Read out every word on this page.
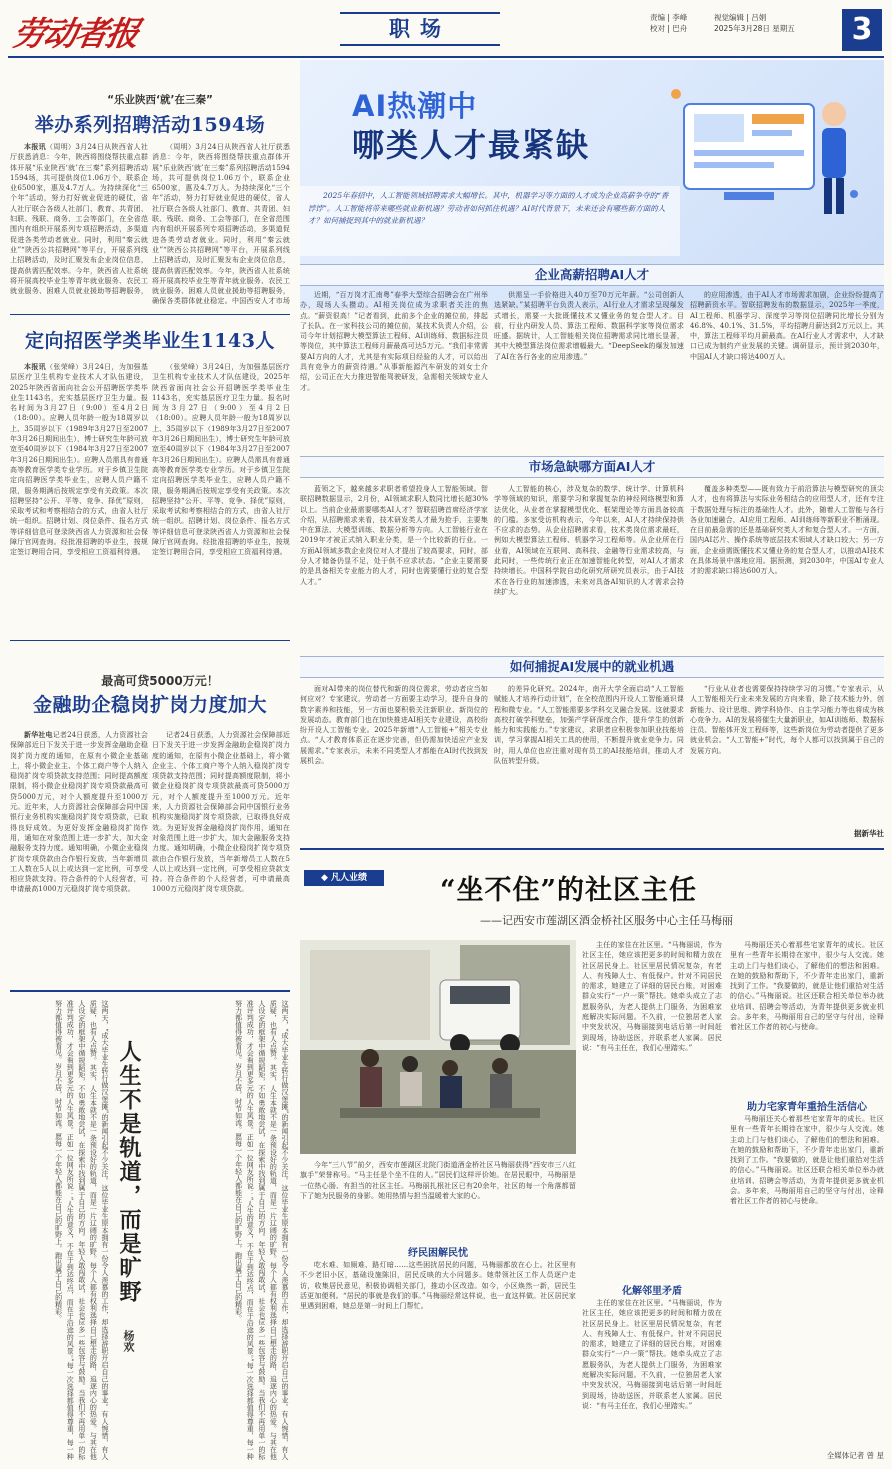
劳动者报	职场	责编 | 李峰
校对 | 巴舟
视觉编辑 | 吕娟
2025年3月28日 星期五	3
“乐业陕西‘就’在三秦”
举办系列招聘活动1594场
本报讯（周明）3月24日从陕西省人社厅获悉消息：今年，陕西将围绕帮扶重点群体开展“乐业陕西‘就’在三秦”系列招聘活动1594场，共可提供岗位1.06万个，联系企业6500家，惠及4.7万人。为持续深化“三个年”活动，努力打好就业促进的硬仗，省人社厅联合各级人社部门、教育、共青团、妇联、残联、商务、工会等部门，在全省范围内有组织开展系列专项招聘活动，多渠道促进各类劳动者就业。同时，利用“秦云就业”“陕西公共招聘网”等平台，开展系列线上招聘活动，及时汇聚发布企业岗位信息，提高供需匹配效率。今年，陕西省人社系统将开展高校毕业生等青年就业服务、农民工就业服务、困难人员就业援助等招聘服务，
（周明）3月24日从陕西省人社厅获悉消息：今年，陕西将围绕帮扶重点群体开展“乐业陕西‘就’在三秦”系列招聘活动1594场，共可提供岗位1.06万个，联系企业6500家，惠及4.7万人。为持续深化“三个年”活动，努力打好就业促进的硬仗，省人社厅联合各级人社部门、教育、共青团、妇联、残联、商务、工会等部门，在全省范围内有组织开展系列专项招聘活动，多渠道促进各类劳动者就业。同时，利用“秦云就业”“陕西公共招聘网”等平台，开展系列线上招聘活动，及时汇聚发布企业岗位信息，提高供需匹配效率。今年，陕西省人社系统将开展高校毕业生等青年就业服务、农民工就业服务、困难人员就业援助等招聘服务，确保各类群体就业稳定。中国西安人才市场
定向招医学类毕业生1143人
本报讯（张荣峰）3月24日，为加强基层医疗卫生机构专业技术人才队伍建设，2025年陕西省面向社会公开招聘医学类毕业生1143名，充实基层医疗卫生力量。报名时间为3月27日（9:00）至4月2日（18:00）。应聘人员年龄一般为18周岁以上、35周岁以下（1989年3月27日至2007年3月26日期间出生），博士研究生年龄可放宽至40周岁以下（1984年3月27日至2007年3月26日期间出生）。应聘人员需具有普通高等教育医学类专业学历。对于乡镇卫生院定向招聘医学类毕业生，应聘人员户籍不限，服务期满后按规定享受有关政策。本次招聘坚持“公开、平等、竞争、择优”原则，采取考试和考察相结合的方式，由省人社厅统一组织。招聘计划、岗位条件、报名方式等详细信息可登录陕西省人力资源和社会保障厅官网查询。经批准招聘的毕业生，按规定签订聘用合同，享受相应工资福利待遇。
（张荣峰）3月24日，为加强基层医疗卫生机构专业技术人才队伍建设，2025年陕西省面向社会公开招聘医学类毕业生1143名，充实基层医疗卫生力量。报名时间为3月27日（9:00）至4月2日（18:00）。应聘人员年龄一般为18周岁以上、35周岁以下（1989年3月27日至2007年3月26日期间出生），博士研究生年龄可放宽至40周岁以下（1984年3月27日至2007年3月26日期间出生）。应聘人员需具有普通高等教育医学类专业学历。对于乡镇卫生院定向招聘医学类毕业生，应聘人员户籍不限，服务期满后按规定享受有关政策。本次招聘坚持“公开、平等、竞争、择优”原则，采取考试和考察相结合的方式，由省人社厅统一组织。招聘计划、岗位条件、报名方式等详细信息可登录陕西省人力资源和社会保障厅官网查询。经批准招聘的毕业生，按规定签订聘用合同，享受相应工资福利待遇。
最高可贷5000万元！
金融助企稳岗扩岗力度加大
新华社电记者24日获悉，人力资源社会保障部近日下发关于进一步发挥金融助企稳岗扩岗力度的通知，在原有小微企业基础上，将小微企业主、个体工商户等个人纳入稳岗扩岗专项贷款支持范围；同时提高额度限制，将小微企业稳岗扩岗专项贷款最高可贷5000万元，对个人额度提升至1000万元。近年来，人力资源社会保障部会同中国银行业务机构实施稳岗扩岗专项贷款，已取得良好成效。为更好发挥金融稳岗扩岗作用，通知在对象范围上进一步扩大，加大金融服务支持力度。通知明确，小微企业稳岗扩岗专项贷款由合作银行发放，当年新增员工人数在5人以上或达到一定比例，可享受相应贷款支持。符合条件的个人经营者，可申请最高1000万元稳岗扩岗专项贷款。
记者24日获悉，人力资源社会保障部近日下发关于进一步发挥金融助企稳岗扩岗力度的通知，在原有小微企业基础上，将小微企业主、个体工商户等个人纳入稳岗扩岗专项贷款支持范围；同时提高额度限制，将小微企业稳岗扩岗专项贷款最高可贷5000万元，对个人额度提升至1000万元。近年来，人力资源社会保障部会同中国银行业务机构实施稳岗扩岗专项贷款，已取得良好成效。为更好发挥金融稳岗扩岗作用，通知在对象范围上进一步扩大，加大金融服务支持力度。通知明确，小微企业稳岗扩岗专项贷款由合作银行发放，当年新增员工人数在5人以上或达到一定比例，可享受相应贷款支持。符合条件的个人经营者，可申请最高1000万元稳岗扩岗专项贷款。
这两天，“成大毕业生转行做汉堡摊”的新闻引起不少关注。这位毕业生原本拥有一份令人羡慕的工作，却选择辞职开启自己的事业。有人惋惜，有人质疑，也有人点赞。其实，人生本就不是一条预设好的轨道，而是一片辽阔的旷野。每个人都有权利选择自己想走的路，追逐内心的热爱。与其在他人设定的框架中循规蹈矩，不如勇敢地尝试，在探索中找到属于自己的方向。年轻人敢闯敢试，社会也应多一些包容与鼓励。当我们不再用单一的标准评判成功，才会看到更多元的人生风景。正如一位网友所说：“人生的意义，不在于到达终点，而在于沿途的风景。”每一次选择都值得尊重，每一种努力都值得被看见。岁月不居，时节如流。愿每一个年轻人都能在自己的旷野上，跑出属于自己的精彩。
人生不是轨道，而是旷野
杨欢
这两天，“成大毕业生转行做汉堡摊”的新闻引起不少关注。这位毕业生原本拥有一份令人羡慕的工作，却选择辞职开启自己的事业。有人惋惜，有人质疑，也有人点赞。其实，人生本就不是一条预设好的轨道，而是一片辽阔的旷野。每个人都有权利选择自己想走的路，追逐内心的热爱。与其在他人设定的框架中循规蹈矩，不如勇敢地尝试，在探索中找到属于自己的方向。年轻人敢闯敢试，社会也应多一些包容与鼓励。当我们不再用单一的标准评判成功，才会看到更多元的人生风景。正如一位网友所说：“人生的意义，不在于到达终点，而在于沿途的风景。”每一次选择都值得尊重，每一种努力都值得被看见。岁月不居，时节如流。愿每一个年轻人都能在自己的旷野上，跑出属于自己的精彩。
AI热潮中
哪类人才最紧缺
2025年春招中，人工智能领域招聘需求大幅增长。其中，机器学习等方面的人才成为企业高薪争夺的“香饽饽”。人工智能将带来哪些就业新机遇？劳动者如何抓住机遇？AI时代背景下，未来还会有哪些新方面的人才？如何捕捉到其中的就业新机遇？
企业高薪招聘AI人才
近期，“百万岗才汇南粤”春季大型综合招聘会在广州举办，现场人头攒动。AI相关岗位成为求职者关注的焦点。“薪资很高！”记者看到，此前多个企业的摊位前，排起了长队。在一家科技公司的摊位前，某技术负责人介绍，公司今年计划招聘大模型算法工程师、AI训练师、数据标注员等岗位，其中算法工程师月薪最高可达5万元。“我们非常需要AI方向的人才，尤其是有实际项目经验的人才，可以给出具有竞争力的薪资待遇。”从事新能源汽车研发的刘女士介绍，公司正在大力推进智能驾驶研发，急需相关领域专业人才。
供需呈一手价格进入40万至70万元年薪。“公司创新人选紧缺。”某招聘平台负责人表示，AI行业人才需求呈现爆发式增长，需要一大批既懂技术又懂业务的复合型人才。目前，行业内研发人员、算法工程师、数据科学家等岗位需求旺盛。据统计，人工智能相关岗位招聘需求同比增长显著，其中大模型算法岗位需求增幅最大。“DeepSeek的爆发加速了AI在各行各业的应用渗透。”
的应用渗透，由于AI人才市场需求加剧，企业纷纷提高了招聘薪资水平。智联招聘发布的数据显示，2025年一季度，AI工程师、机器学习、深度学习等岗位招聘同比增长分别为46.8%、40.1%、31.5%，平均招聘月薪达到2万元以上。其中，算法工程师平均月薪最高。在AI行业人才需求中，人才缺口已成为制约产业发展的关键。调研显示，预计到2030年，中国AI人才缺口将达400万人。
市场急缺哪方面AI人才
蓝领之下，越来越多求职者希望投身人工智能领域。智联招聘数据显示，2月份，AI领域求职人数同比增长超30%以上。当前企业最需要哪类AI人才？智联招聘首席经济学家介绍，从招聘需求来看，技术研发类人才最为抢手，主要集中在算法、大模型训练、数据分析等方向。人工智能行业在2019年才被正式纳入职业分类，是一个比较新的行业。一方面AI领域多数企业岗位对人才提出了较高要求，同时，部分人才储备仍显不足，处于供不应求状态。“企业主要需要的是具备相关专业能力的人才，同时也需要懂行业的复合型人才。”
人工智能的核心，涉及复杂的数学、统计学、计算机科学等领域的知识，需要学习和掌握复杂的神经网络模型和算法优化，从业者在掌握模型优化、框架理论等方面具备较高的门槛。多家受访机构表示，今年以来，AI人才持续保持供不应求的态势。从企业招聘需求看，技术类岗位需求最旺，例如大模型算法工程师、机器学习工程师等。从企业所在行业看，AI领域在互联网、高科技、金融等行业需求较高，与此同时，一些传统行业正在加速智能化转型，对AI人才需求持续增长。中国科学院自动化研究所研究员表示，由于AI技术在各行业的加速渗透，未来对具备AI知识的人才需求会持续扩大。
覆盖多种类型——既有致力于前沿算法与模型研究的顶尖人才，也有将算法与实际业务相结合的应用型人才，还有专注于数据处理与标注的基础性人才。此外，随着人工智能与各行各业加速融合，AI应用工程师、AI训练师等新职业不断涌现。在目前最急需的还是基础研究类人才和复合型人才。一方面，国内AI芯片、操作系统等底层技术领域人才缺口较大；另一方面，企业亟需既懂技术又懂业务的复合型人才，以推动AI技术在具体场景中落地应用。据预测，到2030年，中国AI专业人才的需求缺口将达600万人。
如何捕捉AI发展中的就业机遇
面对AI带来的岗位替代和新的岗位需求，劳动者应当如何应对？专家建议，劳动者一方面要主动学习，提升自身的数字素养和技能，另一方面也要积极关注新职业、新岗位的发展动态。教育部门也在加快推进AI相关专业建设，高校纷纷开设人工智能专业。2025年新增“人工智能+”相关专业点。“人才教育体系正在逐步完善，但仍需加快适应产业发展需求。”专家表示，未来不同类型人才都能在AI时代找到发展机会。
的差异化研究。2024年，南开大学全面启动“人工智能赋能人才培养行动计划”，在全校范围内开设人工智能通识课程和微专业。“人工智能需要多学科交叉融合发展。这就要求高校打破学科壁垒，加强产学研深度合作，提升学生的创新能力和实践能力。”专家建议，求职者应积极参加职业技能培训，学习掌握AI相关工具的使用，不断提升就业竞争力。同时，用人单位也应注重对现有员工的AI技能培训，推动人才队伍转型升级。
“行业从业者也需要保持持续学习的习惯。”专家表示，从人工智能相关行业未来发展的方向来看，除了技术能力外，创新能力、设计思维、跨学科协作、自主学习能力等也将成为核心竞争力。AI的发展将催生大量新职业，如AI训练师、数据标注员、智能体开发工程师等，这些新岗位为劳动者提供了更多就业机会。“人工智能+”时代，每个人都可以找到属于自己的发展方向。
据新华社
◆ 凡人业绩	“坐不住”的社区主任
——记西安市莲湖区酒金桥社区服务中心主任马梅丽
今年“三八节”前夕，西安市莲湖区北院门街道酒金桥社区马梅丽获得“西安市三八红旗手”荣誉称号。“马主任是个坐不住的人。”居民们这样评价她。在居民眼中，马梅丽是一位热心肠、有担当的社区主任。马梅丽扎根社区已有20余年，社区的每一个角落都留下了她为民服务的身影。她用热情与担当温暖着大家的心。
纾民困解民忧
吃水难、如厕难、路灯暗……这些困扰居民的问题，马梅丽都放在心上。社区里有不少老旧小区，基础设施陈旧，居民反映的大小问题多。她带领社区工作人员逐户走访，收集居民意见，积极协调相关部门，推动小区改造。如今，小区焕然一新，居民生活更加便利。“居民的事就是我们的事。”马梅丽经常这样说，也一直这样做。社区居民家里遇到困难，她总是第一时间上门帮忙。
主任的家住在社区里。“马梅丽说，作为社区主任，她应该把更多的时间和精力放在社区居民身上。社区里居民情况复杂，有老人、有残障人士、有低保户。针对不同居民的需求，她建立了详细的居民台账，对困难群众实行“一户一策”帮扶。她牵头成立了志愿服务队，为老人提供上门服务，为困难家庭解决实际问题。不久前，一位独居老人家中突发状况，马梅丽接到电话后第一时间赶到现场，协助送医，并联系老人家属。居民说：“有马主任在，我们心里踏实。”
化解邻里矛盾
主任的家住在社区里。“马梅丽说，作为社区主任，她应该把更多的时间和精力放在社区居民身上。社区里居民情况复杂，有老人、有残障人士、有低保户。针对不同居民的需求，她建立了详细的居民台账，对困难群众实行“一户一策”帮扶。她牵头成立了志愿服务队，为老人提供上门服务，为困难家庭解决实际问题。不久前，一位独居老人家中突发状况，马梅丽接到电话后第一时间赶到现场，协助送医，并联系老人家属。居民说：“有马主任在，我们心里踏实。”
马梅丽还关心着那些宅家青年的成长。社区里有一些青年长期待在家中，很少与人交流。她主动上门与他们谈心，了解他们的想法和困难。在她的鼓励和帮助下，不少青年走出家门，重新找到了工作。“我要做的，就是让他们重拾对生活的信心。”马梅丽说。社区还联合相关单位举办就业培训、招聘会等活动，为青年提供更多就业机会。多年来，马梅丽用自己的坚守与付出，诠释着社区工作者的初心与使命。
助力宅家青年重拾生活信心
马梅丽还关心着那些宅家青年的成长。社区里有一些青年长期待在家中，很少与人交流。她主动上门与他们谈心，了解他们的想法和困难。在她的鼓励和帮助下，不少青年走出家门，重新找到了工作。“我要做的，就是让他们重拾对生活的信心。”马梅丽说。社区还联合相关单位举办就业培训、招聘会等活动，为青年提供更多就业机会。多年来，马梅丽用自己的坚守与付出，诠释着社区工作者的初心与使命。
全媒体记者 曾 星
